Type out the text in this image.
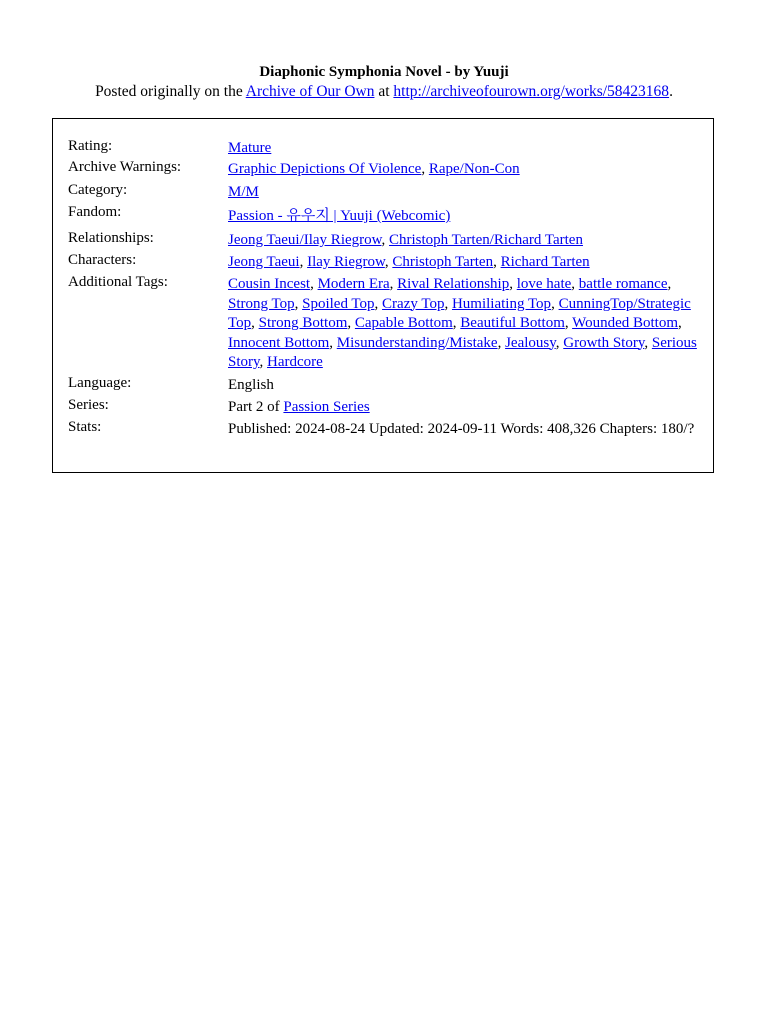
Diaphonic Symphonia Novel - by Yuuji
Posted originally on the Archive of Our Own at http://archiveofourown.org/works/58423168.
Rating:	Mature
Archive Warnings:	Graphic Depictions Of Violence, Rape/Non-Con
Category:	M/M
Fandom:	Passion - 유우지 | Yuuji (Webcomic)
Relationships:	Jeong Taeui/Ilay Riegrow, Christoph Tarten/Richard Tarten
Characters:	Jeong Taeui, Ilay Riegrow, Christoph Tarten, Richard Tarten
Additional Tags:	Cousin Incest, Modern Era, Rival Relationship, love hate, battle romance, Strong Top, Spoiled Top, Crazy Top, Humiliating Top, CunningTop/Strategic Top, Strong Bottom, Capable Bottom, Beautiful Bottom, Wounded Bottom, Innocent Bottom, Misunderstanding/Mistake, Jealousy, Growth Story, Serious Story, Hardcore
Language:	English
Series:	Part 2 of Passion Series
Stats:	Published: 2024-08-24 Updated: 2024-09-11 Words: 408,326 Chapters: 180/?
